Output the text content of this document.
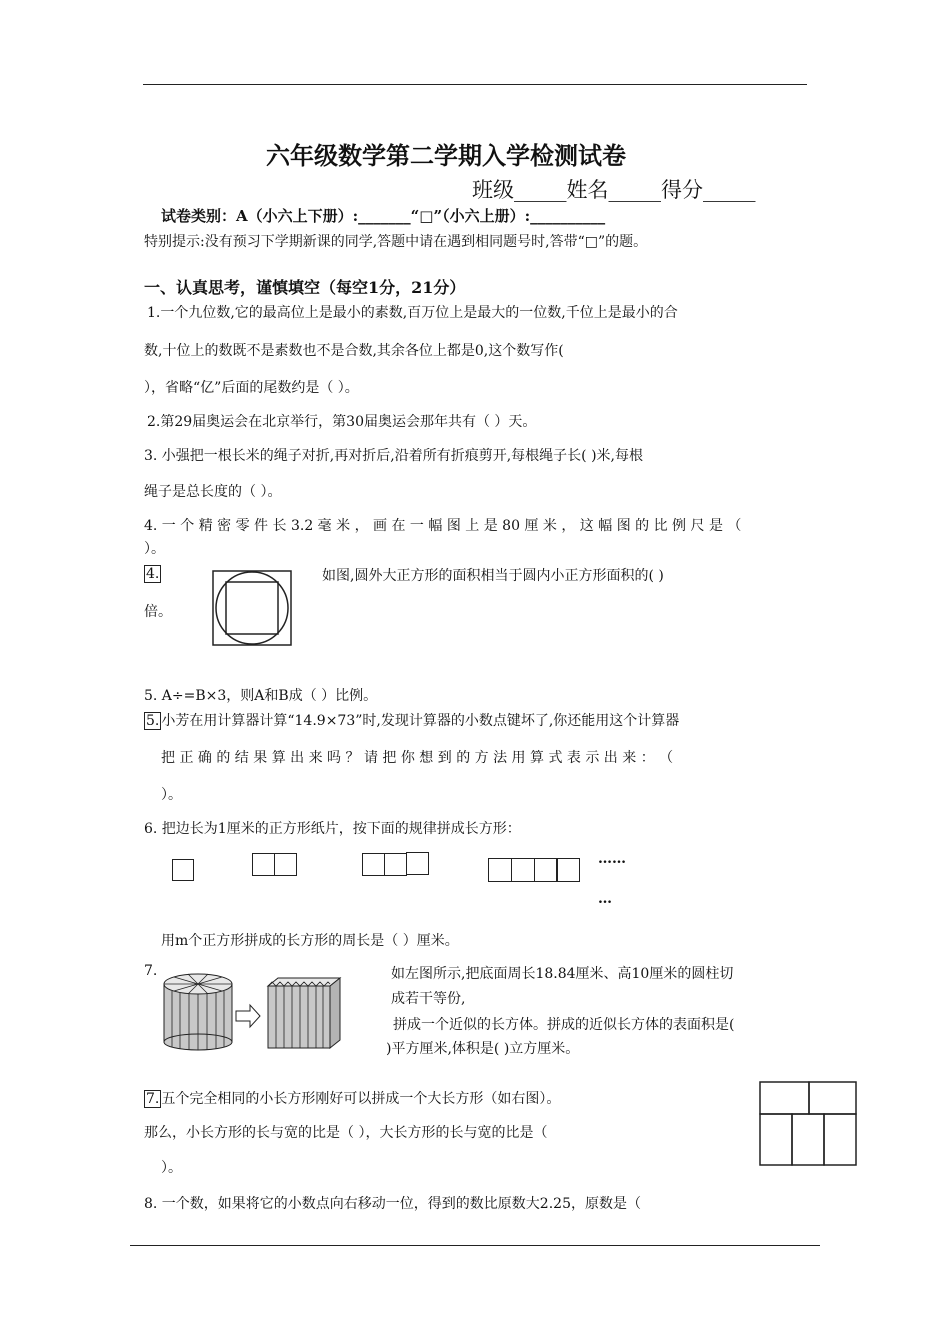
六年级数学第二学期入学检测试卷
班级_____姓名_____得分_____
试卷类别：A（小六上下册）:_______“□”（小六上册）:__________
特别提示:没有预习下学期新课的同学,答题中请在遇到相同题号时,答带“□”的题。
一、认真思考，谨慎填空（每空1分，21分）
1.一个九位数,它的最高位上是最小的素数,百万位上是最大的一位数,千位上是最小的合
数,十位上的数既不是素数也不是合数,其余各位上都是0,这个数写作(
），省略“亿”后面的尾数约是（ ）。
2.第29届奥运会在北京举行，第30届奥运会那年共有（ ）天。
3. 小强把一根长米的绳子对折,再对折后,沿着所有折痕剪开,每根绳子长( )米,每根
绳子是总长度的（ ）。
4. 一 个 精 密 零 件 长 3.2 毫 米 ， 画 在 一 幅 图 上 是 80 厘 米 ， 这 幅 图 的 比 例 尺 是 （
）。
4.	如图,圆外大正方形的面积相当于圆内小正方形面积的( )
倍。
5. A÷=B×3，则A和B成（ ）比例。
5. 小芳在用计算器计算“14.9×73”时,发现计算器的小数点键坏了,你还能用这个计算器
把 正 确 的 结 果 算 出 来 吗 ？ 请 把 你 想 到 的 方 法 用 算 式 表 示 出 来 ： （
）。
6. 把边长为1厘米的正方形纸片，按下面的规律拼成长方形：
……
…
用m个正方形拼成的长方形的周长是（ ）厘米。
7.	如左图所示,把底面周长18.84厘米、高10厘米的圆柱切
成若干等份,
拼成一个近似的长方体。拼成的近似长方体的表面积是(
)平方厘米,体积是( )立方厘米。
7. 五个完全相同的小长方形刚好可以拼成一个大长方形（如右图）。
那么，小长方形的长与宽的比是（ ），大长方形的长与宽的比是（
）。
8. 一个数，如果将它的小数点向右移动一位，得到的数比原数大2.25，原数是（
